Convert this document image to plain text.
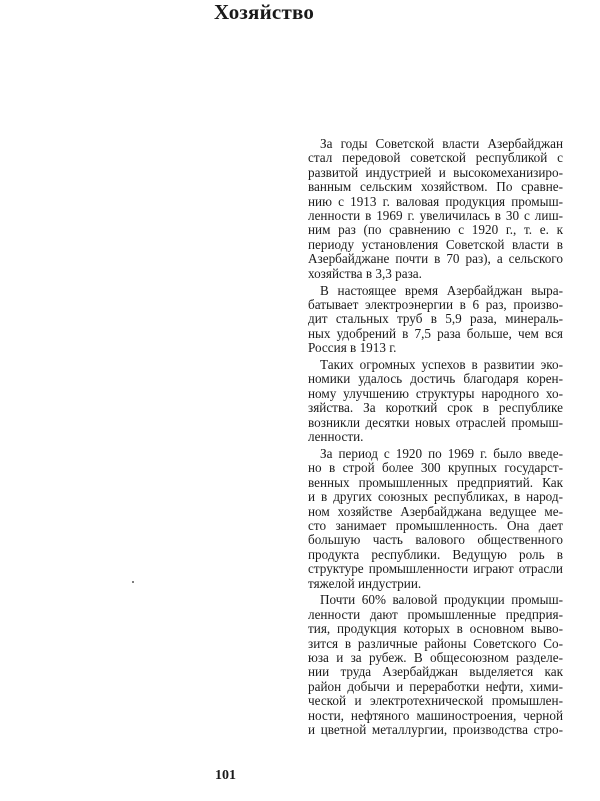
Хозяйство
За годы Советской власти Азербайджан
стал передовой советской республикой с
развитой индустрией и высокомеханизиро-
ванным сельским хозяйством. По сравне-
нию с 1913 г. валовая продукция промыш-
ленности в 1969 г. увеличилась в 30 с лиш-
ним раз (по сравнению с 1920 г., т. е. к
периоду установления Советской власти в
Азербайджане почти в 70 раз), а сельского
хозяйства в 3,3 раза.
В настоящее время Азербайджан выра-
батывает электроэнергии в 6 раз, произво-
дит стальных труб в 5,9 раза, минераль-
ных удобрений в 7,5 раза больше, чем вся
Россия в 1913 г.
Таких огромных успехов в развитии эко-
номики удалось достичь благодаря корен-
ному улучшению структуры народного хо-
зяйства. За короткий срок в республике
возникли десятки новых отраслей промыш-
ленности.
За период с 1920 по 1969 г. было введе-
но в строй более 300 крупных государст-
венных промышленных предприятий. Как
и в других союзных республиках, в народ-
ном хозяйстве Азербайджана ведущее ме-
сто занимает промышленность. Она дает
большую часть валового общественного
продукта республики. Ведущую роль в
структуре промышленности играют отрасли
тяжелой индустрии.
Почти 60% валовой продукции промыш-
ленности дают промышленные предприя-
тия, продукция которых в основном выво-
зится в различные районы Советского Со-
юза и за рубеж. В общесоюзном разделе-
нии труда Азербайджан выделяется как
район добычи и переработки нефти, хими-
ческой и электротехнической промышлен-
ности, нефтяного машиностроения, черной
и цветной металлургии, производства стро-
101
